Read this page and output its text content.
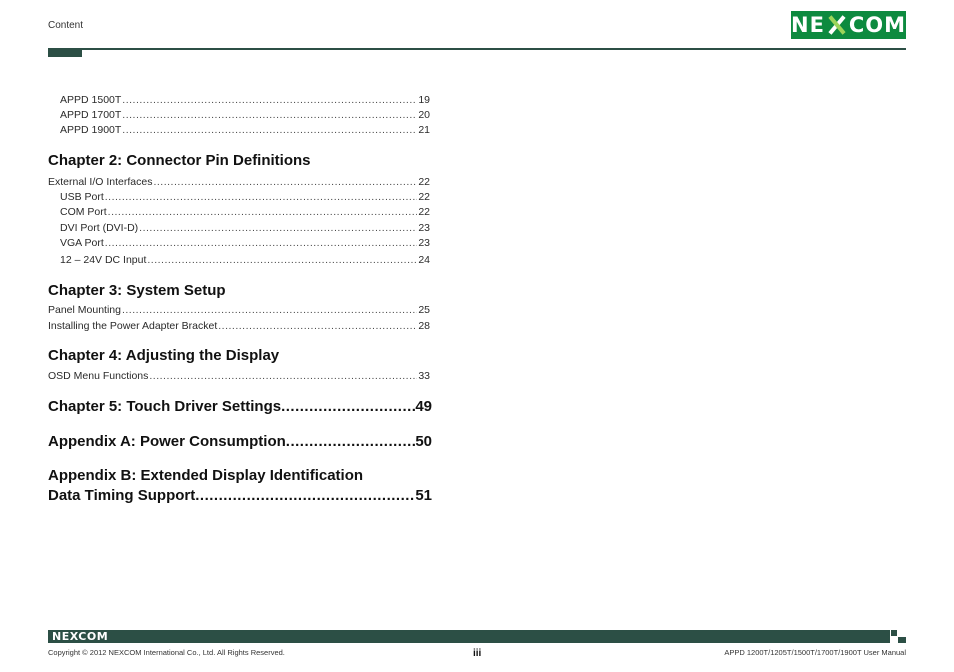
Content	NE COM
APPD 1500T .....	19
APPD 1700T .....	20
APPD 1900T .....	21
Chapter 2: Connector Pin Definitions
External I/O Interfaces .....	22
USB Port .....	22
COM Port .....	22
DVI Port (DVI-D) .....	23
VGA Port .....	23
12 – 24V DC Input .....	24
Chapter 3: System Setup
Panel Mounting .....	25
Installing the Power Adapter Bracket .....	28
Chapter 4: Adjusting the Display
OSD Menu Functions .....	33
Chapter 5: Touch Driver Settings .....	49
Appendix A: Power Consumption .....	50
Appendix B: Extended Display Identification
Data Timing Support .....	51
NEXCOM
Copyright © 2012 NEXCOM International Co., Ltd. All Rights Reserved.	iii	APPD 1200T/1205T/1500T/1700T/1900T User Manual
